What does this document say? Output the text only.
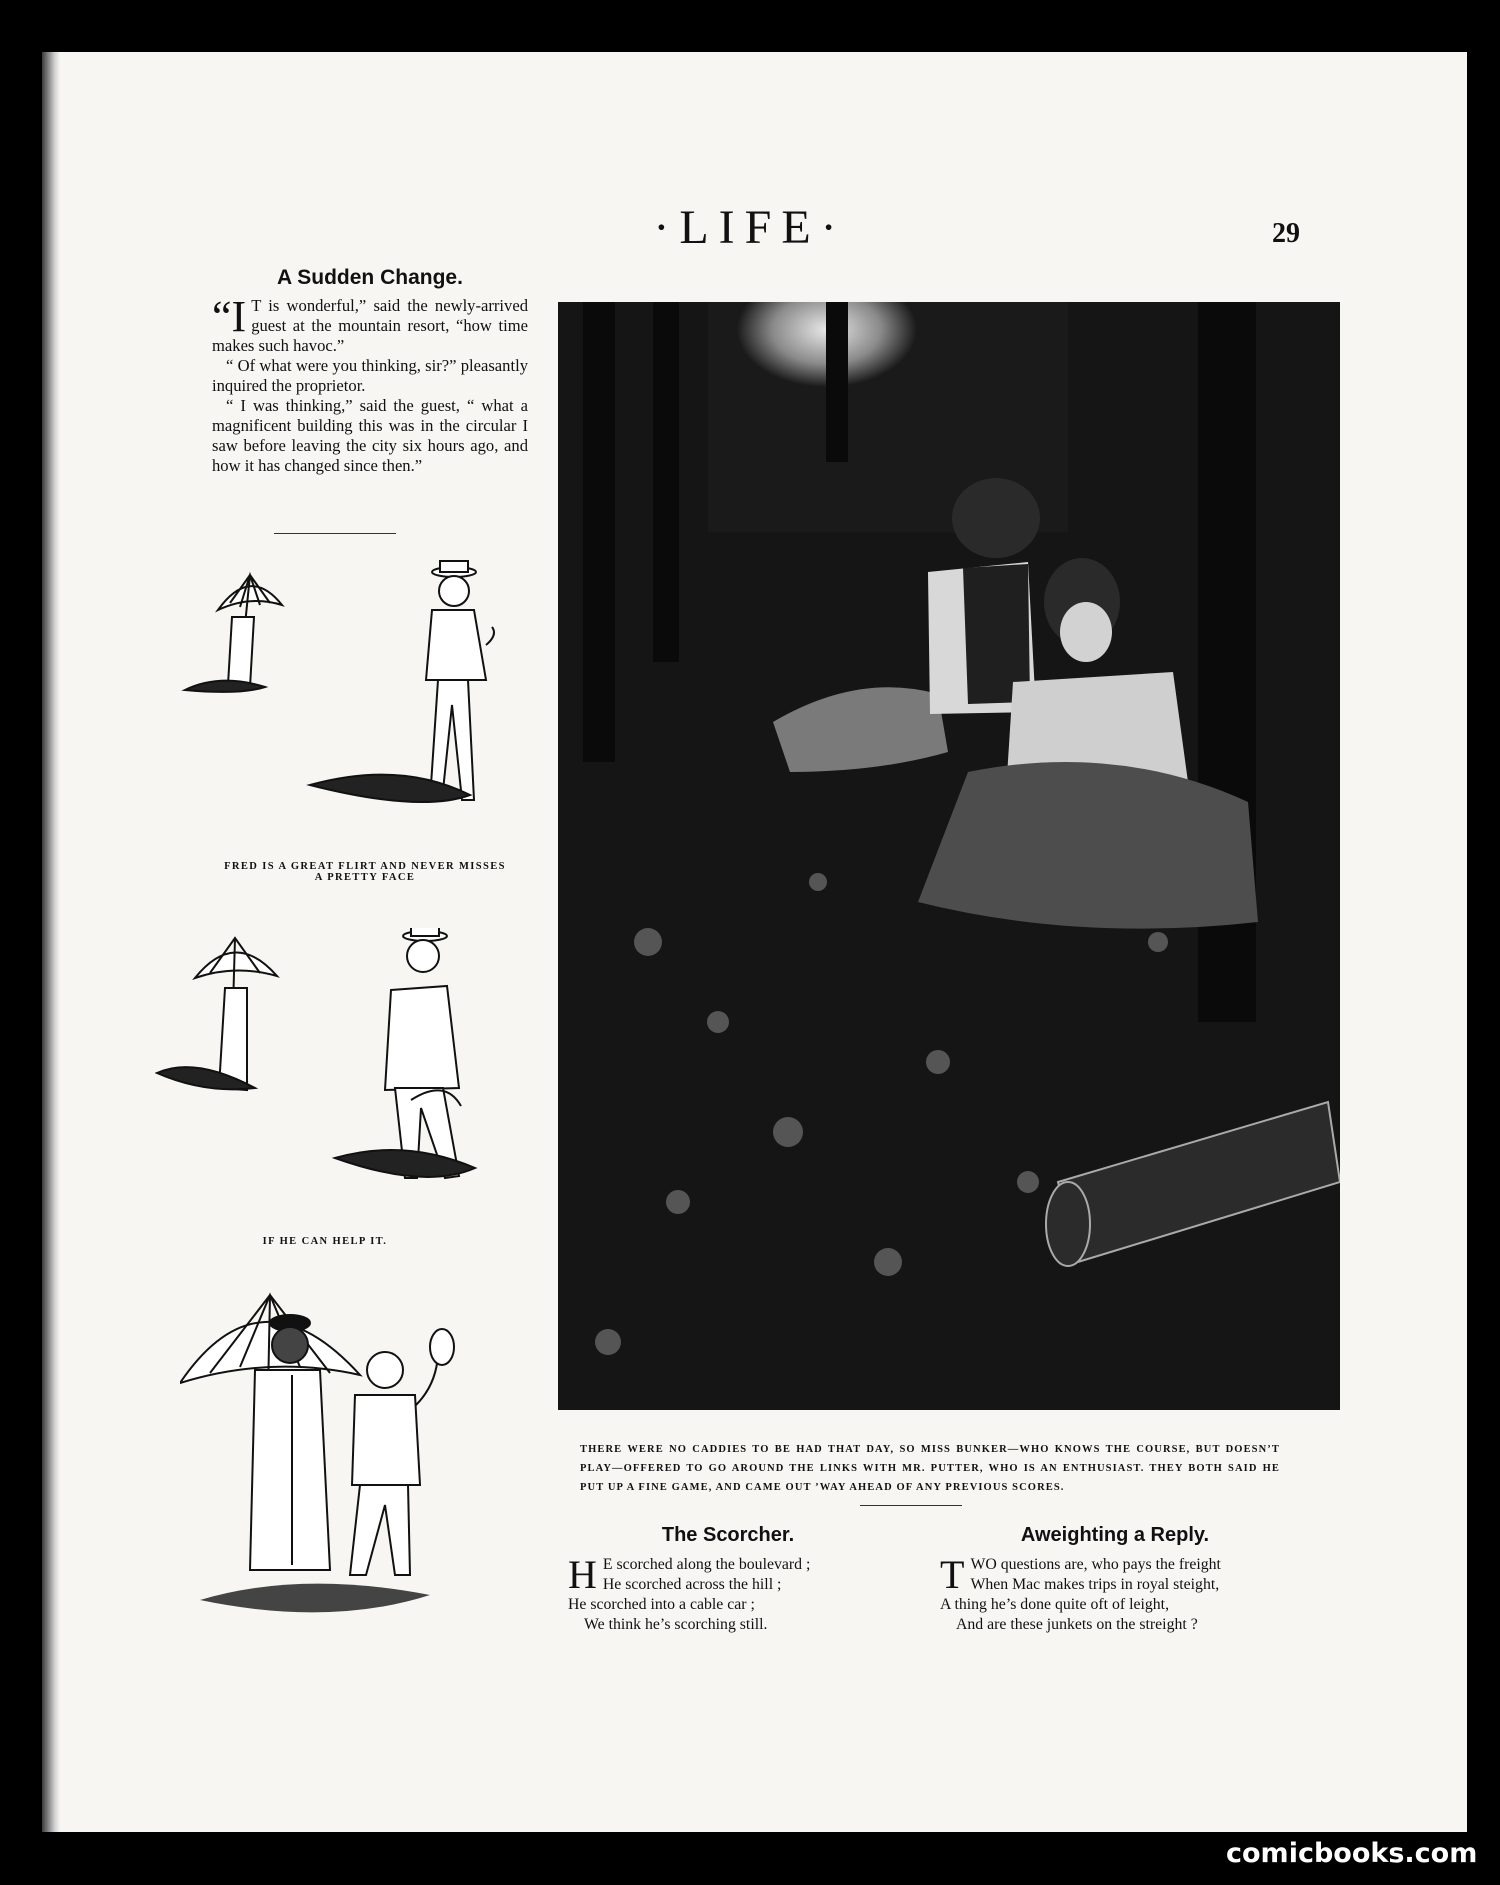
·LIFE·	29
A Sudden Change.

“I T is wonderful,” said the newly-arrived guest at the mountain resort, “how time makes such havoc.”

“ Of what were you thinking, sir?” pleasantly inquired the proprietor.

“ I was thinking,” said the guest, “ what a magnificent building this was in the circular I saw before leaving the city six hours ago, and how it has changed since then.”

FRED IS A GREAT FLIRT AND NEVER MISSES
A PRETTY FACE
IF HE CAN HELP IT.
THERE WERE NO CADDIES TO BE HAD THAT DAY, SO MISS BUNKER—WHO KNOWS THE COURSE, BUT DOESN’T PLAY—OFFERED TO GO AROUND THE LINKS WITH MR. PUTTER, WHO IS AN ENTHUSIAST. THEY BOTH SAID HE PUT UP A FINE GAME, AND CAME OUT ’WAY AHEAD OF ANY PREVIOUS SCORES.
The Scorcher.
H E scorched along the boulevard ;
He scorched across the hill ;
He scorched into a cable car ;
We think he’s scorching still.
Aweighting a Reply.
TWO questions are, who pays the freight
When Mac makes trips in royal steight,
A thing he’s done quite oft of leight,
And are these junkets on the streight ?
comicbooks.com
